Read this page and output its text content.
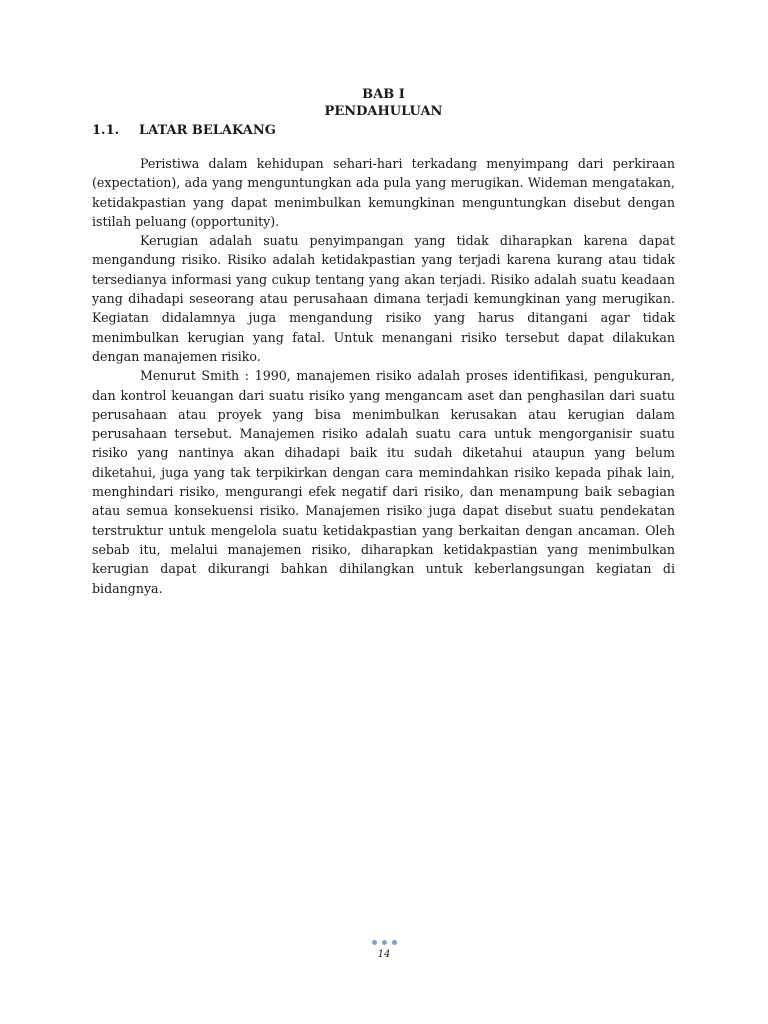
BAB I
PENDAHULUAN
1.1.	LATAR BELAKANG

Peristiwa dalam kehidupan sehari-hari terkadang menyimpang dari perkiraan (expectation), ada yang menguntungkan ada pula yang merugikan. Wideman mengatakan, ketidakpastian yang dapat menimbulkan kemungkinan menguntungkan disebut dengan istilah peluang (opportunity).

Kerugian adalah suatu penyimpangan yang tidak diharapkan karena dapat mengandung risiko. Risiko adalah ketidakpastian yang terjadi karena kurang atau tidak tersedianya informasi yang cukup tentang yang akan terjadi. Risiko adalah suatu keadaan yang dihadapi seseorang atau perusahaan dimana terjadi kemungkinan yang merugikan. Kegiatan didalamnya juga mengandung risiko yang harus ditangani agar tidak menimbulkan kerugian yang fatal. Untuk menangani risiko tersebut dapat dilakukan dengan manajemen risiko.

Menurut Smith : 1990, manajemen risiko adalah proses identifikasi, pengukuran, dan kontrol keuangan dari suatu risiko yang mengancam aset dan penghasilan dari suatu perusahaan atau proyek yang bisa menimbulkan kerusakan atau kerugian dalam perusahaan tersebut. Manajemen risiko adalah suatu cara untuk mengorganisir suatu risiko yang nantinya akan dihadapi baik itu sudah diketahui ataupun yang belum diketahui, juga yang tak terpikirkan dengan cara memindahkan risiko kepada pihak lain, menghindari risiko, mengurangi efek negatif dari risiko, dan menampung baik sebagian atau semua konsekuensi risiko. Manajemen risiko juga dapat disebut suatu pendekatan terstruktur untuk mengelola suatu ketidakpastian yang berkaitan dengan ancaman. Oleh sebab itu, melalui manajemen risiko, diharapkan ketidakpastian yang menimbulkan kerugian dapat dikurangi bahkan dihilangkan untuk keberlangsungan kegiatan di bidangnya.

14
